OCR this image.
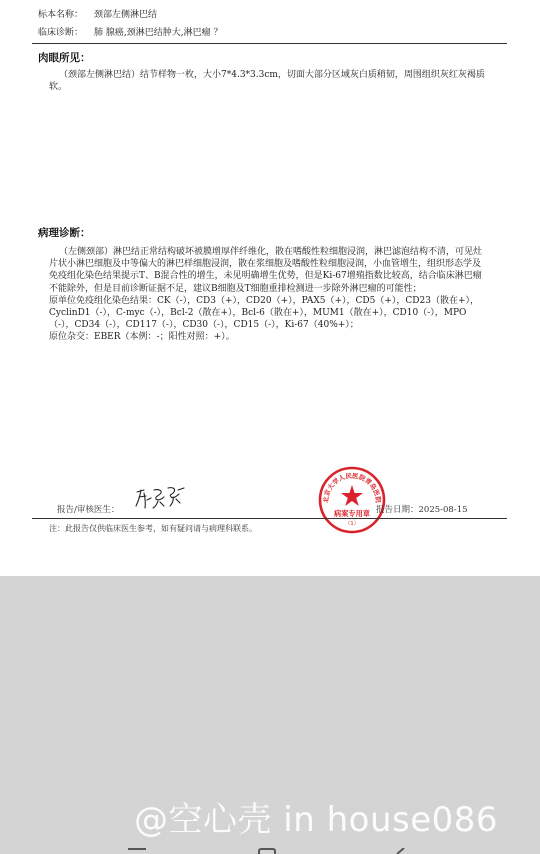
标本名称： 颈部左侧淋巴结
临床诊断： 肺 腺癌,颈淋巴结肿大,淋巴瘤 ？
肉眼所见：

（颈部左侧淋巴结）结节样物一枚，大小7*4.3*3.3cm，切面大部分区域灰白质稍韧，周围组织灰红灰褐质软。

病理诊断：

（左侧颈部）淋巴结正常结构破坏被膜增厚伴纤维化，散在嗜酸性粒细胞浸润，淋巴滤泡结构不清，可见灶片状小淋巴细胞及中等偏大的淋巴样细胞浸润，散在浆细胞及嗜酸性粒细胞浸润，小血管增生，组织形态学及免疫组化染色结果提示T、B混合性的增生，未见明确增生优势，但是Ki-67增殖指数比较高，结合临床淋巴瘤不能除外，但是目前诊断证据不足，建议B细胞及T细胞重排检测进一步除外淋巴瘤的可能性；

原单位免疫组化染色结果：CK（-），CD3（+），CD20（+），PAX5（+），CD5（+），CD23（散在+），CyclinD1（-），C-myc（-），Bcl-2（散在+），Bcl-6（散在+），MUM1（散在+），CD10（-），MPO（-），CD34（-），CD117（-），CD30（-），CD15（-），Ki-67（40%+）；

原位杂交：EBER（本例：-；阳性对照：+）。

报告/审核医生：
北京大学人民医院青岛医院
病案专用章
（1）
报告日期：2025-08-15
注：此报告仅供临床医生参考，如有疑问请与病理科联系。
@空心壳 in house086
